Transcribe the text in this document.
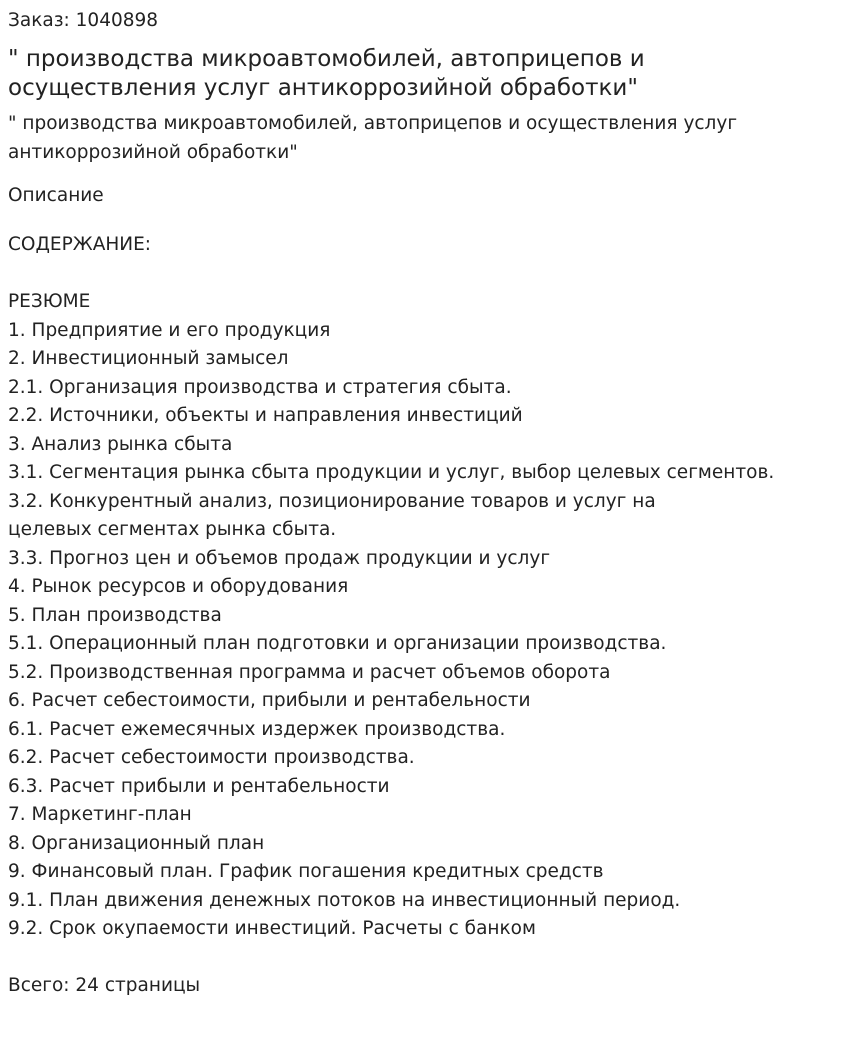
Заказ: 1040898

" производства микроавтомобилей, автоприцепов и осуществления услуг антикоррозийной обработки"

" производства микроавтомобилей, автоприцепов и осуществления услуг антикоррозийной обработки"

Описание

СОДЕРЖАНИЕ:
РЕЗЮМЕ
1. Предприятие и его продукция
2. Инвестиционный замысел
2.1. Организация производства и стратегия сбыта.
2.2. Источники, объекты и направления инвестиций
3. Анализ рынка сбыта
3.1. Сегментация рынка сбыта продукции и услуг, выбор целевых сегментов.
3.2. Конкурентный анализ, позиционирование товаров и услуг на
целевых сегментах рынка сбыта.
3.3. Прогноз цен и объемов продаж продукции и услуг
4. Рынок ресурсов и оборудования
5. План производства
5.1. Операционный план подготовки и организации производства.
5.2. Производственная программа и расчет объемов оборота
6. Расчет себестоимости, прибыли и рентабельности
6.1. Расчет ежемесячных издержек производства.
6.2. Расчет себестоимости производства.
6.3. Расчет прибыли и рентабельности
7. Маркетинг-план
8. Организационный план
9. Финансовый план. График погашения кредитных средств
9.1. План движения денежных потоков на инвестиционный период.
9.2. Срок окупаемости инвестиций. Расчеты с банком
Всего: 24 страницы
